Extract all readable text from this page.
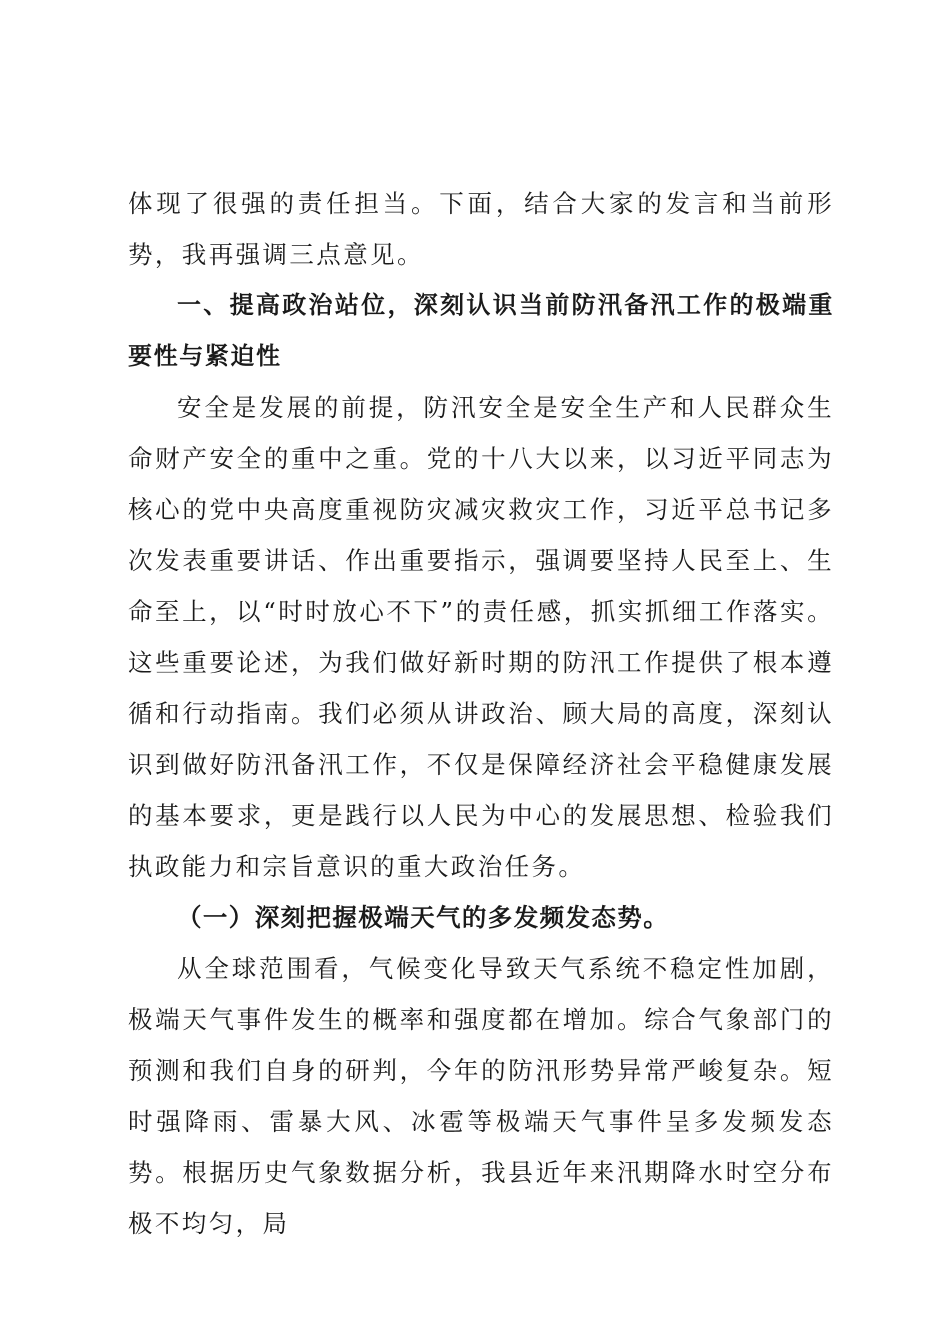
体现了很强的责任担当。下面，结合大家的发言和当前形势，我再强调三点意见。

一、提高政治站位，深刻认识当前防汛备汛工作的极端重要性与紧迫性

安全是发展的前提，防汛安全是安全生产和人民群众生命财产安全的重中之重。党的十八大以来，以习近平同志为核心的党中央高度重视防灾减灾救灾工作，习近平总书记多次发表重要讲话、作出重要指示，强调要坚持人民至上、生命至上，以“时时放心不下”的责任感，抓实抓细工作落实。这些重要论述，为我们做好新时期的防汛工作提供了根本遵循和行动指南。我们必须从讲政治、顾大局的高度，深刻认识到做好防汛备汛工作，不仅是保障经济社会平稳健康发展的基本要求，更是践行以人民为中心的发展思想、检验我们执政能力和宗旨意识的重大政治任务。

（一）深刻把握极端天气的多发频发态势。

从全球范围看，气候变化导致天气系统不稳定性加剧，极端天气事件发生的概率和强度都在增加。综合气象部门的预测和我们自身的研判，今年的防汛形势异常严峻复杂。短时强降雨、雷暴大风、冰雹等极端天气事件呈多发频发态势。根据历史气象数据分析，我县近年来汛期降水时空分布极不均匀，局
